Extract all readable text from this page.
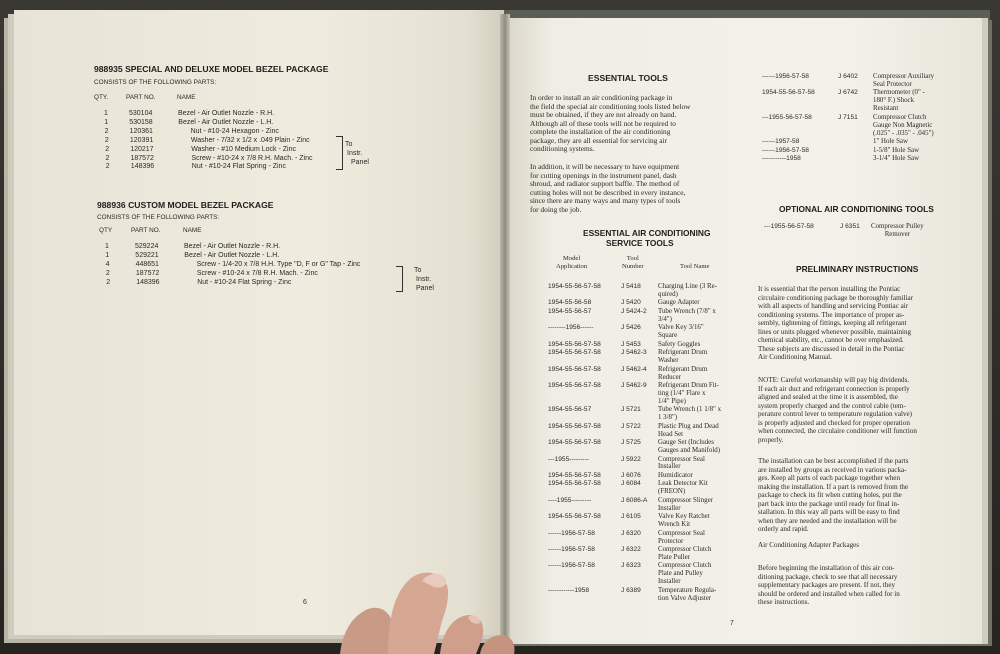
988935 SPECIAL AND DELUXE MODEL BEZEL PACKAGE
CONSISTS OF THE FOLLOWING PARTS:
QTY.	PART NO.	NAME
1	530104	Bezel - Air Outlet Nozzle - R.H.
1	530158	Bezel - Air Outlet Nozzle - L.H.
2	120361	Nut - #10-24 Hexagon - Zinc
2	120391	Washer - 7/32 x 1/2 x .049 Plain - Zinc
2	120217	Washer - #10 Medium Lock - Zinc
2	187572	Screw - #10-24 x 7/8 R.H. Mach. - Zinc
2	148396	Nut - #10-24 Flat Spring - Zinc
To
Instr.
Panel
988936 CUSTOM MODEL BEZEL PACKAGE
CONSISTS OF THE FOLLOWING PARTS:
QTY	PART NO.	NAME
1	529224	Bezel - Air Outlet Nozzle - R.H.
1	529221	Bezel - Air Outlet Nozzle - L.H.
4	448651	Screw - 1/4-20 x 7/8 H.H. Type "D, F or G" Tap - Zinc
2	187572	Screw - #10-24 x 7/8 R.H. Mach. - Zinc
2	148396	Nut - #10-24 Flat Spring - Zinc
To
Instr.
Panel
6
ESSENTIAL TOOLS
In order to install an air conditioning package in
the field the special air conditioning tools listed below
must be obtained, if they are not already on hand.
Although all of these tools will not be required to
complete the installation of the air conditioning
package, they are all essential for servicing air
conditioning systems.
In addition, it will be necessary to have equipment
for cutting openings in the instrument panel, dash
shroud, and radiator support baffle. The method of
cutting holes will not be described in every instance,
since there are many ways and many types of tools
for doing the job.
ESSENTIAL AIR CONDITIONING
SERVICE TOOLS
Model
Application
Tool
Number	Tool Name
1954-55-56-57-58	J 5418 Charging Line (3 Re-
quired)
1954-55-56-58	J 5420 Gauge Adapter
1954-55-56-57	J 5424-2 Tube Wrench (7/8" x
3/4")
--------1956------	J 5426 Valve Key 3/16"
Square
1954-55-56-57-58	J 5453 Safety Goggles
1954-55-56-57-58	J 5462-3 Refrigerant Drum
Washer
1954-55-56-57-58	J 5462-4 Refrigerant Drum
Reducer
1954-55-56-57-58	J 5462-9 Refrigerant Drum Fit-
ting (1/4" Flare x
1/4" Pipe)
1954-55-56-57	J 5721 Tube Wrench (1 1/8" x
1 3/8")
1954-55-56-57-58	J 5722 Plastic Plug and Dead
Head Set
1954-55-56-57-58	J 5725 Gauge Set (Includes
Gauges and Manifold)
---1955---------	J 5922 Compressor Seal
Installer
1954-55-56-57-58	J 6076 Humidicator
1954-55-56-57-58	J 6084 Leak Detector Kit
(FREON)
----1955---------	J 6086-A Compressor Slinger
Installer
1954-55-56-57-58	J 6105 Valve Key Ratchet
Wrench Kit
------1956-57-58	J 6320 Compressor Seal
Protector
------1956-57-58	J 6322 Compressor Clutch
Plate Puller
------1956-57-58	J 6323 Compressor Clutch
Plate and Pulley
Installer
------------1958	J 6389 Temperature Regula-
tion Valve Adjuster
7
------1956-57-58	J 6402 Compressor Auxiliary
Seal Protector
1954-55-56-57-58	J 6742 Thermometer (0" -
180° F.) Shock
Resistant
---1955-56-57-58	J 7151 Compressor Clutch
Gauge Non Magnetic
(.025" - .035" - .045")
------1957-58	1" Hole Saw
------1956-57-58	1-5/8" Hole Saw
-----------1958	3-1/4" Hole Saw
OPTIONAL AIR CONDITIONING TOOLS
---1955-56-57-58	J 6351 Compressor Pulley
Remover
PRELIMINARY INSTRUCTIONS
It is essential that the person installing the Pontiac
circulaire conditioning package be thoroughly familiar
with all aspects of handling and servicing Pontiac air
conditioning systems. The importance of proper as-
sembly, tightening of fittings, keeping all refrigerant
lines or units plugged whenever possible, maintaining
chemical stability, etc., cannot be over emphasized.
These subjects are discussed in detail in the Pontiac
Air Conditioning Manual.
NOTE: Careful workmanship will pay big dividends.
If each air duct and refrigerant connection is properly
aligned and sealed at the time it is assembled, the
system properly charged and the control cable (tem-
perature control lever to temperature regulation valve)
is properly adjusted and checked for proper operation
when connected, the circulaire conditioner will function
properly.
The installation can be best accomplished if the parts
are installed by groups as received in various packa-
ges. Keep all parts of each package together when
making the installation. If a part is removed from the
package to check its fit when cutting holes, put the
part back into the package until ready for final in-
stallation. In this way all parts will be easy to find
when they are needed and the installation will be
orderly and rapid.
Air Conditioning Adapter Packages
Before beginning the installation of this air con-
ditioning package, check to see that all necessary
supplementary packages are present. If not, they
should be ordered and installed when called for in
these instructions.
